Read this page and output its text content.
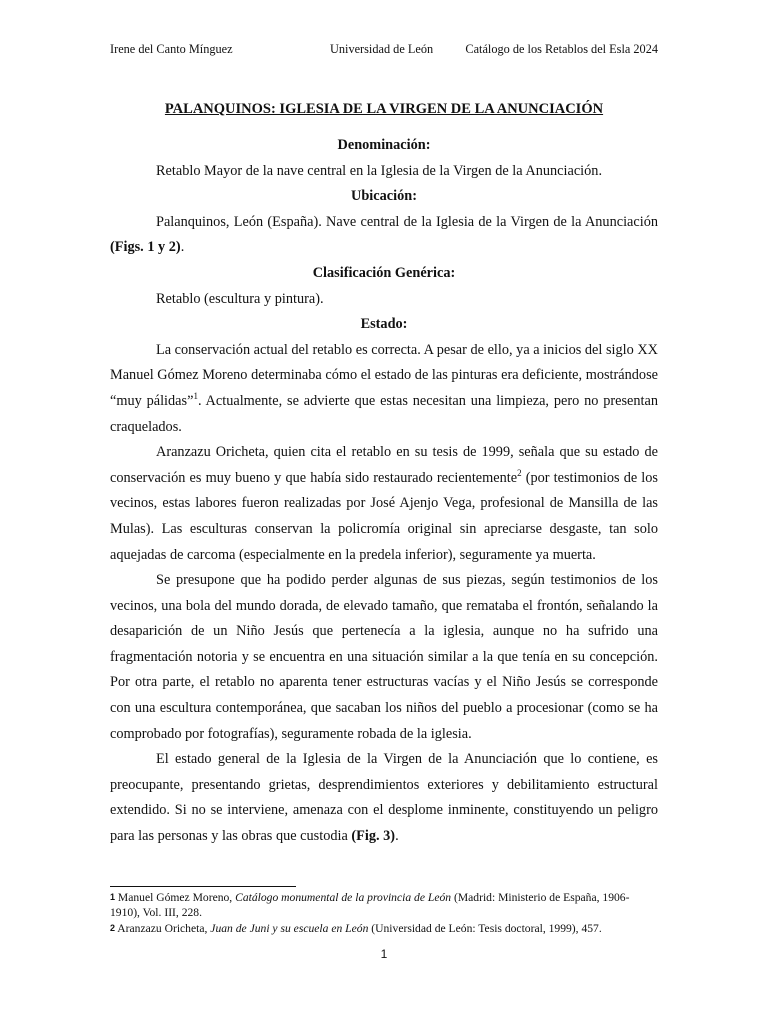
Irene del Canto Mínguez	Universidad de León	Catálogo de los Retablos del Esla 2024
PALANQUINOS: IGLESIA DE LA VIRGEN DE LA ANUNCIACIÓN
Denominación:

Retablo Mayor de la nave central en la Iglesia de la Virgen de la Anunciación.

Ubicación:

Palanquinos, León (España). Nave central de la Iglesia de la Virgen de la Anunciación (Figs. 1 y 2).

Clasificación Genérica:

Retablo (escultura y pintura).

Estado:

La conservación actual del retablo es correcta. A pesar de ello, ya a inicios del siglo XX Manuel Gómez Moreno determinaba cómo el estado de las pinturas era deficiente, mostrándose “muy pálidas”$^1$. Actualmente, se advierte que estas necesitan una limpieza, pero no presentan craquelados.

Aranzazu Oricheta, quien cita el retablo en su tesis de 1999, señala que su estado de conservación es muy bueno y que había sido restaurado recientemente$^2$ (por testimonios de los vecinos, estas labores fueron realizadas por José Ajenjo Vega, profesional de Mansilla de las Mulas). Las esculturas conservan la policromía original sin apreciarse desgaste, tan solo aquejadas de carcoma (especialmente en la predela inferior), seguramente ya muerta.

Se presupone que ha podido perder algunas de sus piezas, según testimonios de los vecinos, una bola del mundo dorada, de elevado tamaño, que remataba el frontón, señalando la desaparición de un Niño Jesús que pertenecía a la iglesia, aunque no ha sufrido una fragmentación notoria y se encuentra en una situación similar a la que tenía en su concepción. Por otra parte, el retablo no aparenta tener estructuras vacías y el Niño Jesús se corresponde con una escultura contemporánea, que sacaban los niños del pueblo a procesionar (como se ha comprobado por fotografías), seguramente robada de la iglesia.

El estado general de la Iglesia de la Virgen de la Anunciación que lo contiene, es preocupante, presentando grietas, desprendimientos exteriores y debilitamiento estructural extendido. Si no se interviene, amenaza con el desplome inminente, constituyendo un peligro para las personas y las obras que custodia (Fig. 3).

1 Manuel Gómez Moreno, Catálogo monumental de la provincia de León (Madrid: Ministerio de España, 1906-1910), Vol. III, 228.
2 Aranzazu Oricheta, Juan de Juni y su escuela en León (Universidad de León: Tesis doctoral, 1999), 457.
1
